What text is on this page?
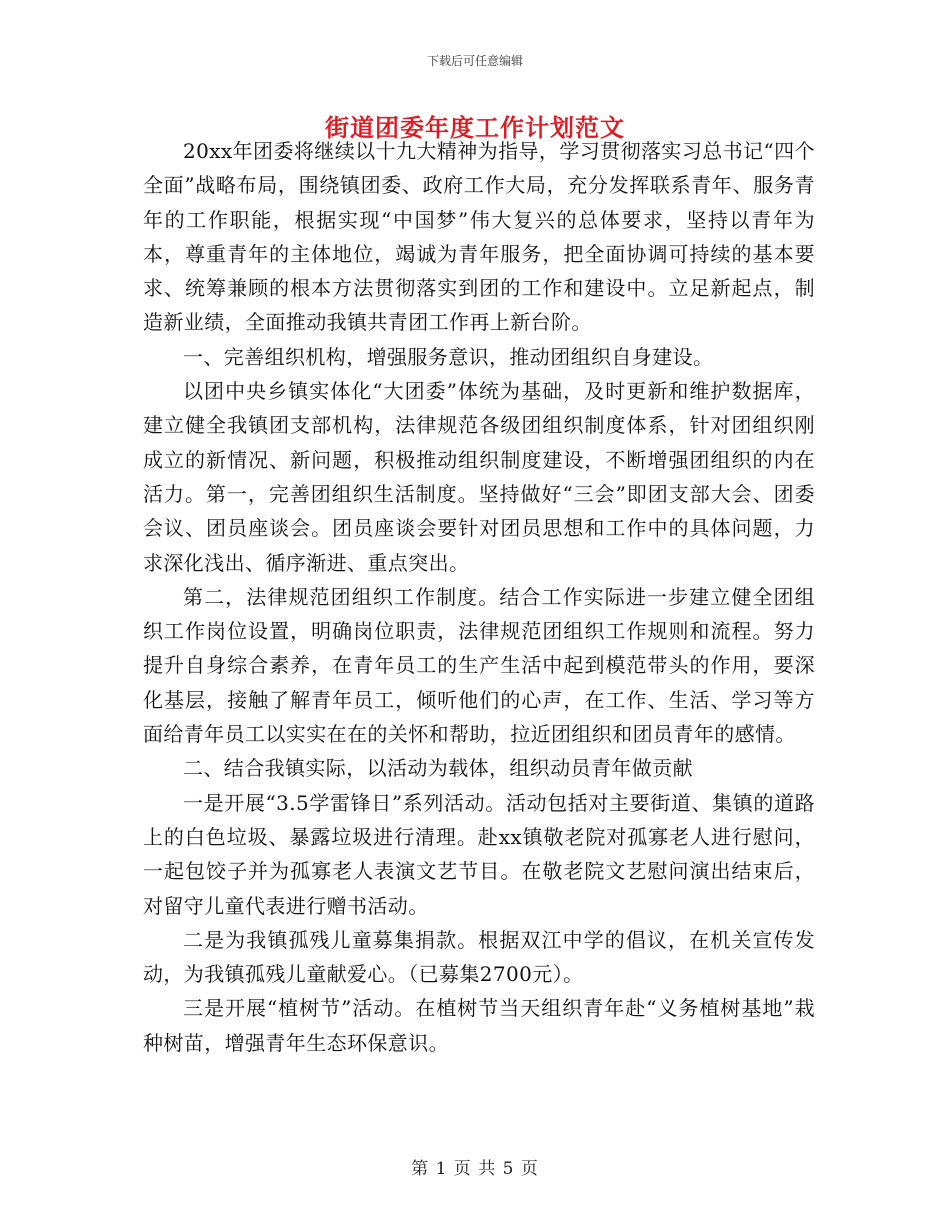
下载后可任意编辑
街道团委年度工作计划范文

20xx年团委将继续以十九大精神为指导，学习贯彻落实习总书记“四个全面”战略布局，围绕镇团委、政府工作大局，充分发挥联系青年、服务青年的工作职能，根据实现“中国梦”伟大复兴的总体要求，坚持以青年为本，尊重青年的主体地位，竭诚为青年服务，把全面协调可持续的基本要求、统筹兼顾的根本方法贯彻落实到团的工作和建设中。立足新起点，制造新业绩，全面推动我镇共青团工作再上新台阶。

一、完善组织机构，增强服务意识，推动团组织自身建设。

以团中央乡镇实体化“大团委”体统为基础，及时更新和维护数据库，建立健全我镇团支部机构，法律规范各级团组织制度体系，针对团组织刚成立的新情况、新问题，积极推动组织制度建设，不断增强团组织的内在活力。第一，完善团组织生活制度。坚持做好“三会”即团支部大会、团委会议、团员座谈会。团员座谈会要针对团员思想和工作中的具体问题，力求深化浅出、循序渐进、重点突出。

第二，法律规范团组织工作制度。结合工作实际进一步建立健全团组织工作岗位设置，明确岗位职责，法律规范团组织工作规则和流程。努力提升自身综合素养，在青年员工的生产生活中起到模范带头的作用，要深化基层，接触了解青年员工，倾听他们的心声，在工作、生活、学习等方面给青年员工以实实在在的关怀和帮助，拉近团组织和团员青年的感情。

二、结合我镇实际，以活动为载体，组织动员青年做贡献

一是开展“3.5学雷锋日”系列活动。活动包括对主要街道、集镇的道路上的白色垃圾、暴露垃圾进行清理。赴xx镇敬老院对孤寡老人进行慰问，一起包饺子并为孤寡老人表演文艺节目。在敬老院文艺慰问演出结束后，对留守儿童代表进行赠书活动。

二是为我镇孤残儿童募集捐款。根据双江中学的倡议，在机关宣传发动，为我镇孤残儿童献爱心。（已募集2700元）。

三是开展“植树节”活动。在植树节当天组织青年赴“义务植树基地”栽种树苗，增强青年生态环保意识。

第 1 页 共 5 页
